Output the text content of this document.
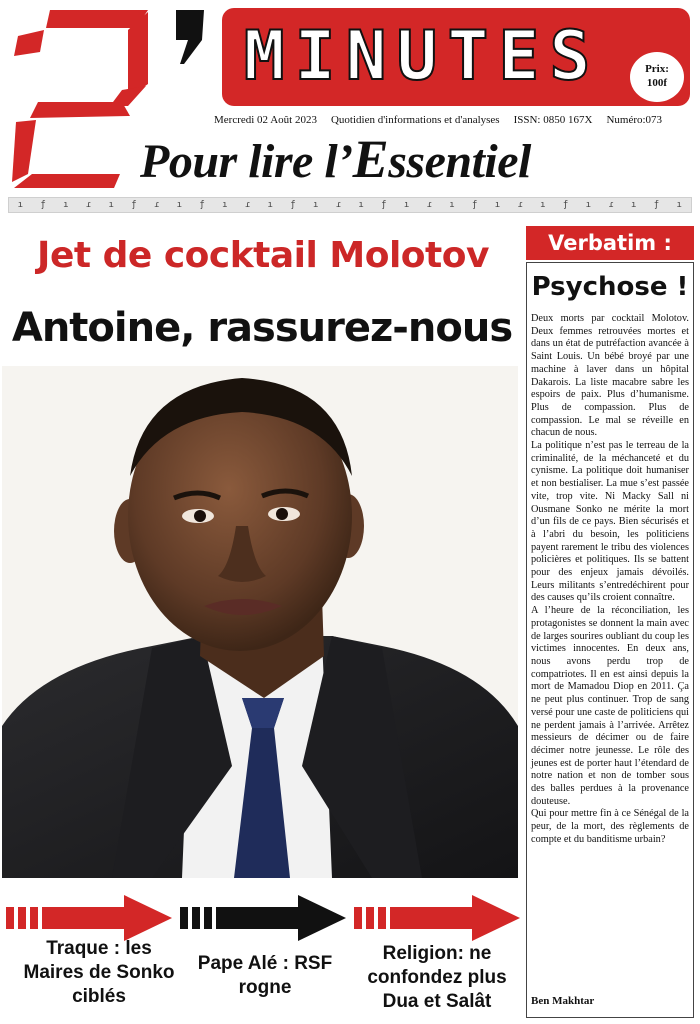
MINUTES	Prix:
100f
Mercredi 02 Août 2023 Quotidien d'informations et d'analyses ISSN: 0850 167X Numéro:073
Pour lire l’Essentiel
ı ƒ ı ɾ ı ƒ ɾ ı ƒ ı ɾ ı ƒ ı ɾ ı ƒ ı ɾ ı ƒ ı ɾ ı ƒ ı ɾ ı ƒ ı
Jet de cocktail Molotov
Antoine, rassurez-nous
Traque : les Maires de Sonko ciblés
Pape Alé : RSF rogne
Religion: ne confondez plus Dua et Salât
Verbatim :
Psychose !

Deux morts par cocktail Molotov. Deux femmes retrouvées mortes et dans un état de putréfaction avancée à Saint Louis. Un bébé broyé par une machine à laver dans un hôpital Dakarois. La liste macabre sabre les espoirs de paix. Plus d’humanisme. Plus de compassion. Plus de compassion. Le mal se réveille en chacun de nous.

La politique n’est pas le terreau de la criminalité, de la méchanceté et du cynisme. La politique doit humaniser et non bestialiser. La mue s’est passée vite, trop vite. Ni Macky Sall ni Ousmane Sonko ne mérite la mort d’un fils de ce pays. Bien sécurisés et à l’abri du besoin, les politiciens payent rarement le tribu des violences policières et politiques. Ils se battent pour des enjeux jamais dévoilés. Leurs militants s’entredéchirent pour des causes qu’ils croient connaître.

A l’heure de la réconciliation, les protagonistes se donnent la main avec de larges sourires oubliant du coup les victimes innocentes. En deux ans, nous avons perdu trop de compatriotes. Il en est ainsi depuis la mort de Mamadou Diop en 2011. Ça ne peut plus continuer. Trop de sang versé pour une caste de politiciens qui ne perdent jamais à l’arrivée. Arrêtez messieurs de décimer ou de faire décimer notre jeunesse. Le rôle des jeunes est de porter haut l’étendard de notre nation et non de tomber sous des balles perdues à la provenance douteuse.

Qui pour mettre fin à ce Sénégal de la peur, de la mort, des règlements de compte et du banditisme urbain?

Ben Makhtar
